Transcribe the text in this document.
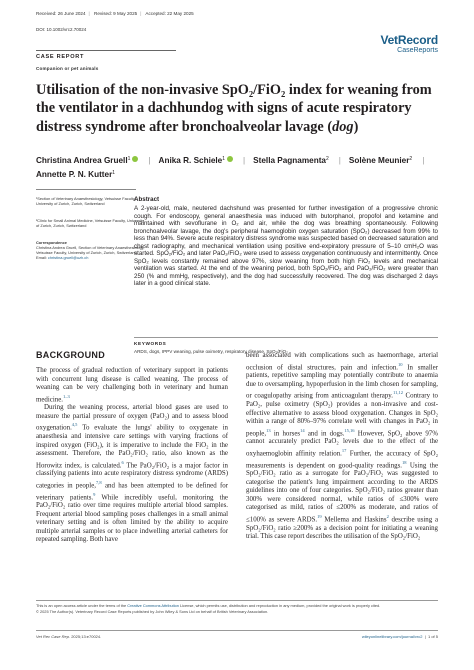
Received: 26 June 2024 | Revised: 9 May 2025 | Accepted: 22 May 2025
DOI: 10.1002/vrc2.70024
VetRecord
CaseReports
CASE REPORT
Companion or pet animals
Utilisation of the non-invasive SpO₂/FiO₂ index for weaning from the ventilator in a dachhundog with signs of acute respiratory distress syndrome after bronchoalveolar lavage (dog)
Christina Andrea Gruell$^1$ | Anika R. Schiele$^1$ | Stella Pagnamenta$^2$ | Solène Meunier$^2$ |
Annette P. N. Kutter$^1$
¹Section of Veterinary Anaesthesiology, Vetsuisse Faculty, University of Zurich, Zurich, Switzerland
²Clinic for Small Animal Medicine, Vetsuisse Faculty, University of Zurich, Zurich, Switzerland
Correspondence
Christina Andrea Gruell, Section of Veterinary Anaesthesiology, Vetsuisse Faculty, University of Zurich, Zurich, Switzerland.
Email: christina.gruell@uzh.ch
Abstract
A 2-year-old, male, neutered dachshund was presented for further investigation of a progressive chronic cough. For endoscopy, general anaesthesia was induced with butorphanol, propofol and ketamine and maintained with sevoflurane in O₂ and air, while the dog was breathing spontaneously. Following bronchoalveolar lavage, the dog's peripheral haemoglobin oxygen saturation (SpO₂) decreased from 99% to less than 94%. Severe acute respiratory distress syndrome was suspected based on decreased saturation and chest radiography, and mechanical ventilation using positive end-expiratory pressure of 5–10 cmH₂O was started. SpO₂/FiO₂ and later PaO₂/FiO₂ were used to assess oxygenation continuously and intermittently. Once SpO₂ levels constantly remained above 97%, slow weaning from both high FiO₂ levels and mechanical ventilation was started. At the end of the weaning period, both SpO₂/FiO₂ and PaO₂/FiO₂ were greater than 250 (% and mmHg, respectively), and the dog had successfully recovered. The dog was discharged 2 days later in a good clinical state.
KEYWORDS
ARDS, dogs, IPPV weaning, pulse oximetry, respiratory disease, SpO₂/FiO₂
BACKGROUND

The process of gradual reduction of veterinary support in patients with concurrent lung disease is called weaning. The process of weaning can be very challenging both in veterinary and human medicine.$^{1-3}$

During the weaning process, arterial blood gases are used to measure the partial pressure of oxygen (PaO₂) and to assess blood oxygenation.$^{4,5}$ To evaluate the lungs' ability to oxygenate in anaesthesia and intensive care settings with varying fractions of inspired oxygen (FiO₂), it is imperative to include the FiO₂ in the assessment. Therefore, the PaO₂/FiO₂ ratio, also known as the Horowitz index, is calculated.$^6$ The PaO₂/FiO₂ is a major factor in classifying patients into acute respiratory distress syndrome (ARDS) categories in people,$^{7,8}$ and has been attempted to be defined for veterinary patients.$^9$ While incredibly useful, monitoring the PaO₂/FiO₂ ratio over time requires multiple arterial blood samples. Frequent arterial blood sampling poses challenges in a small animal veterinary setting and is often limited by the ability to acquire multiple arterial samples or to place indwelling arterial catheters for repeated sampling. Both have

been associated with complications such as haemorrhage, arterial occlusion of distal structures, pain and infection.$^{10}$ In smaller patients, repetitive sampling may potentially contribute to anaemia due to oversampling, hypoperfusion in the limb chosen for sampling, or coagulopathy arising from anticoagulant therapy.$^{11,12}$ Contrary to PaO₂, pulse oximetry (SpO₂) provides a non-invasive and cost-effective alternative to assess blood oxygenation. Changes in SpO₂ within a range of 80%–97% correlate well with changes in PaO₂ in people,$^{13}$ in horses$^{14}$ and in dogs.$^{15,16}$ However, SpO₂ above 97% cannot accurately predict PaO₂ levels due to the effect of the oxyhaemoglobin affinity relation.$^{17}$ Further, the accuracy of SpO₂ measurements is dependent on good-quality readings.$^{18}$ Using the SpO₂/FiO₂ ratio as a surrogate for PaO₂/FiO₂ was suggested to categorise the patient's lung impairment according to the ARDS guidelines into one of four categories. SpO₂/FiO₂ ratios greater than 300% were considered normal, while ratios of ≤300% were categorised as mild, ratios of ≤200% as moderate, and ratios of ≤100% as severe ARDS.$^{19}$ Mellema and Haskins$^2$ describe using a SpO₂/FiO₂ ratio ≥200% as a decision point for initiating a weaning trial. This case report describes the utilisation of the SpO₂/FiO₂

This is an open access article under the terms of the Creative Commons Attribution License, which permits use, distribution and reproduction in any medium, provided the original work is properly cited.
© 2025 The Author(s). Veterinary Record Case Reports published by John Wiley & Sons Ltd on behalf of British Veterinary Association.
Vet Rec Case Rep. 2025;13:e70024.	wileyonlinelibrary.com/journal/vrc2  |  1 of 5
